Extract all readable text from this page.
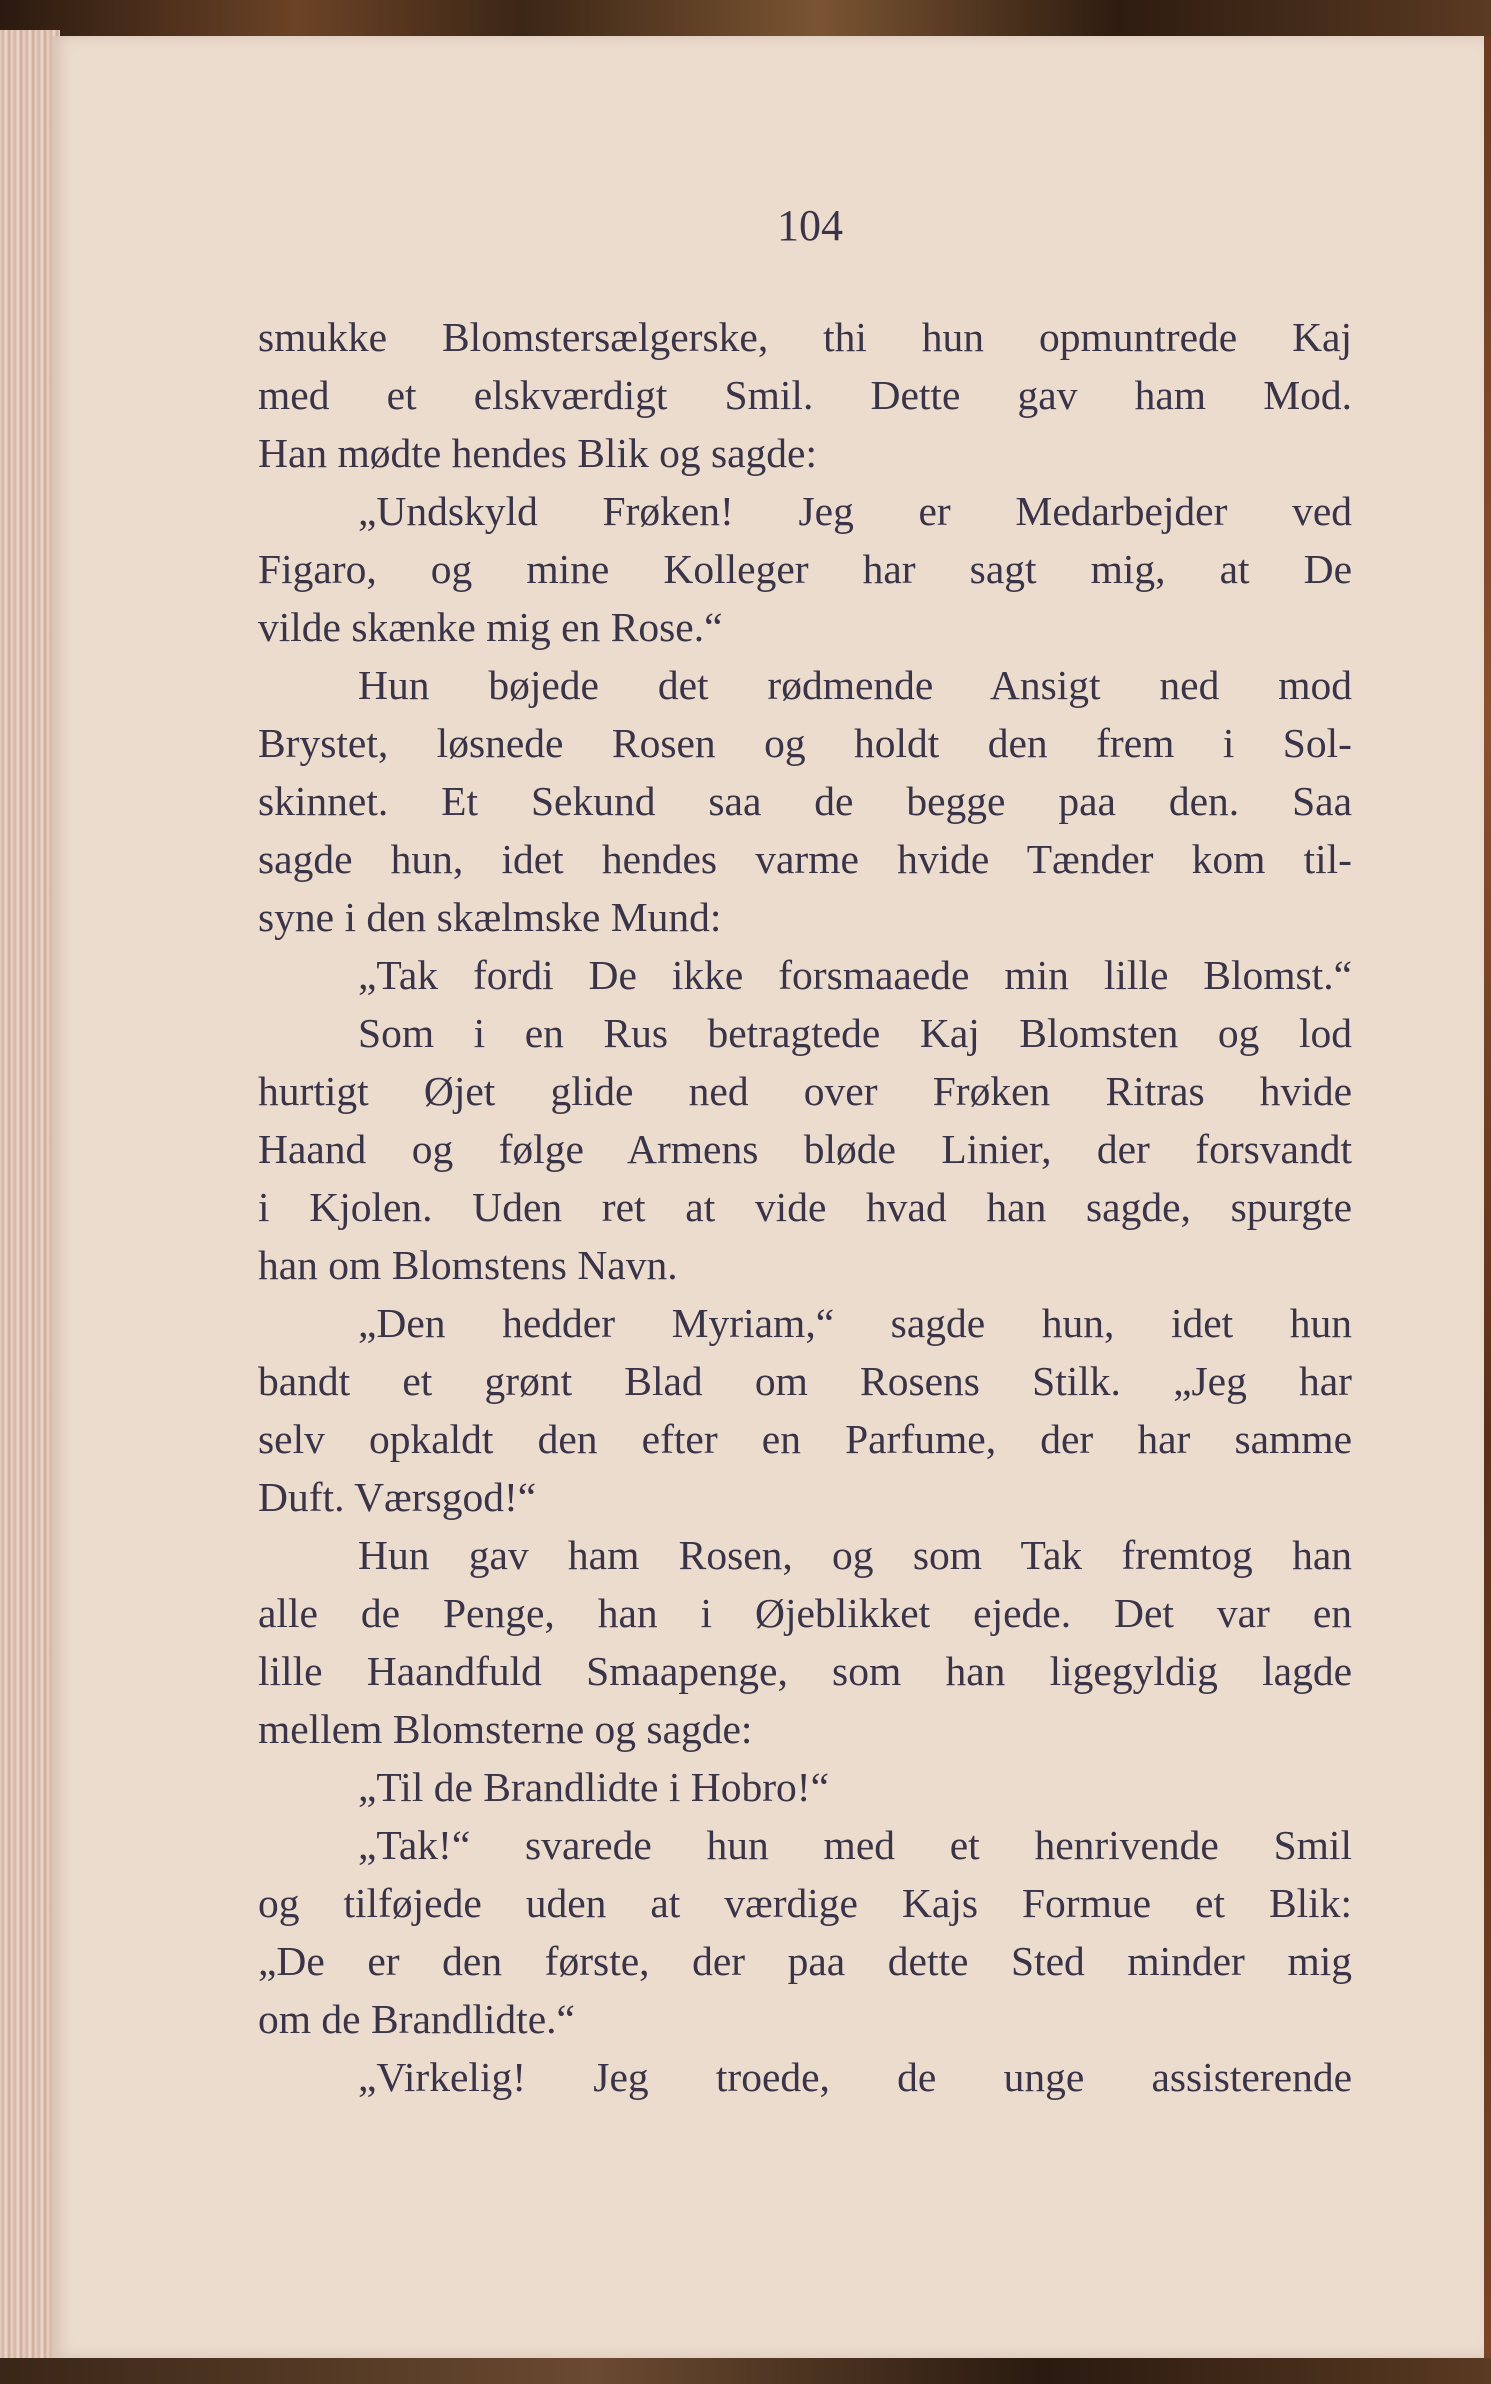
104
smukke Blomstersælgerske, thi hun opmuntrede Kaj
med et elskværdigt Smil. Dette gav ham Mod.
Han mødte hendes Blik og sagde:
„Undskyld Frøken! Jeg er Medarbejder ved
Figaro, og mine Kolleger har sagt mig, at De
vilde skænke mig en Rose.“
Hun bøjede det rødmende Ansigt ned mod
Brystet, løsnede Rosen og holdt den frem i Sol-
skinnet. Et Sekund saa de begge paa den. Saa
sagde hun, idet hendes varme hvide Tænder kom til-
syne i den skælmske Mund:
„Tak fordi De ikke forsmaaede min lille Blomst.“
Som i en Rus betragtede Kaj Blomsten og lod
hurtigt Øjet glide ned over Frøken Ritras hvide
Haand og følge Armens bløde Linier, der forsvandt
i Kjolen. Uden ret at vide hvad han sagde, spurgte
han om Blomstens Navn.
„Den hedder Myriam,“ sagde hun, idet hun
bandt et grønt Blad om Rosens Stilk. „Jeg har
selv opkaldt den efter en Parfume, der har samme
Duft. Værsgod!“
Hun gav ham Rosen, og som Tak fremtog han
alle de Penge, han i Øjeblikket ejede. Det var en
lille Haandfuld Smaapenge, som han ligegyldig lagde
mellem Blomsterne og sagde:
„Til de Brandlidte i Hobro!“
„Tak!“ svarede hun med et henrivende Smil
og tilføjede uden at værdige Kajs Formue et Blik:
„De er den første, der paa dette Sted minder mig
om de Brandlidte.“
„Virkelig! Jeg troede, de unge assisterende
